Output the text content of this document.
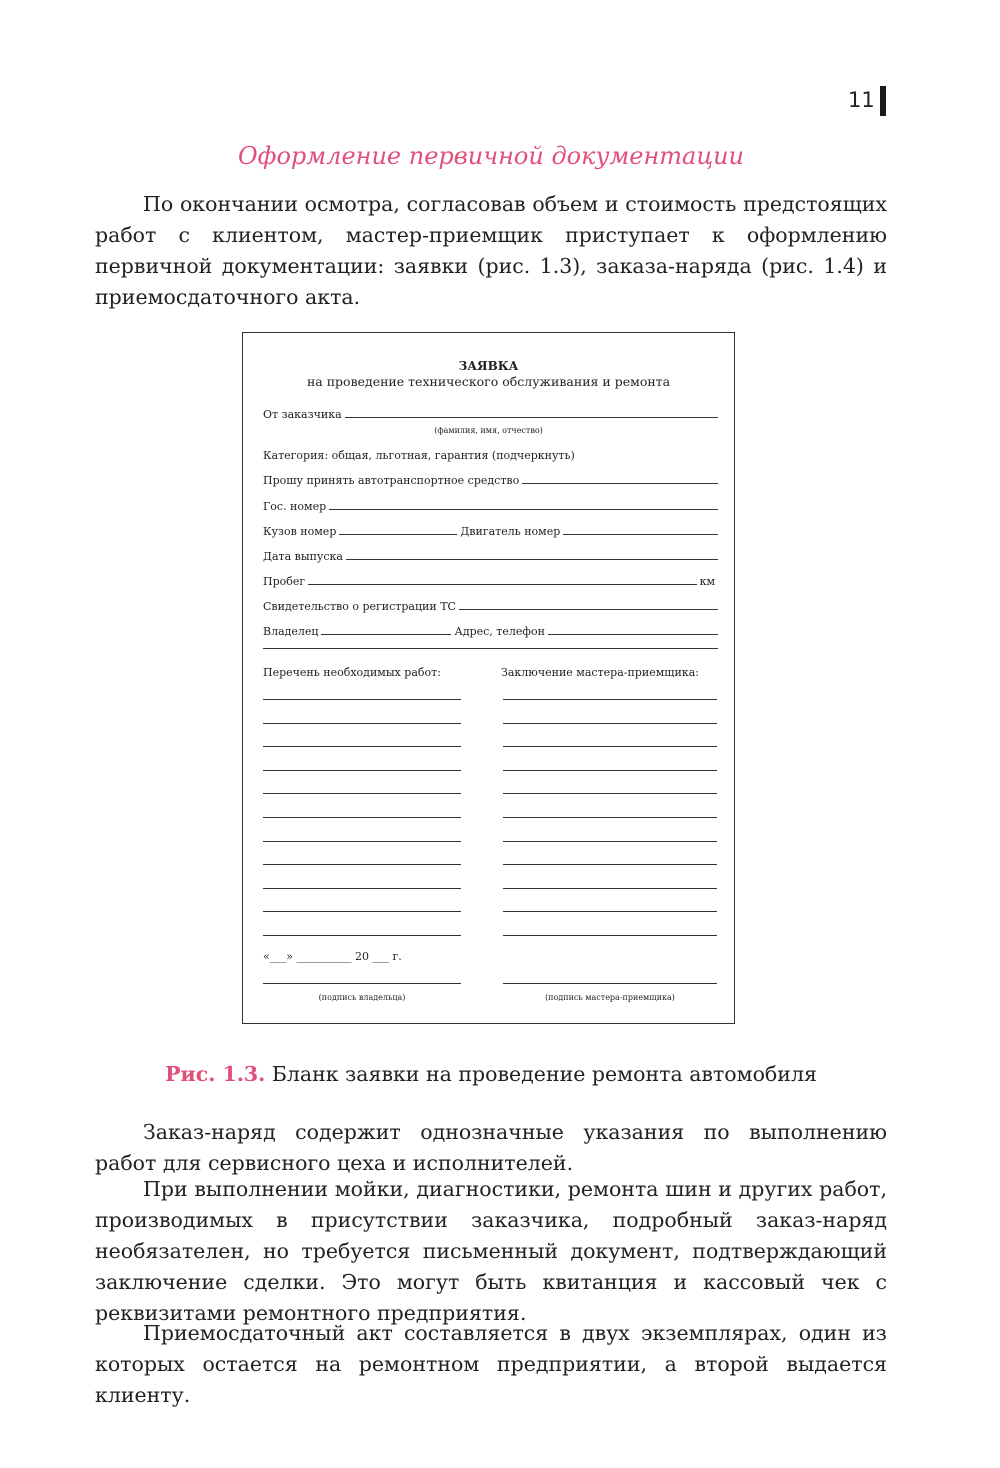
11
Оформление первичной документации

По окончании осмотра, согласовав объем и стоимость предстоящих работ с клиентом, мастер-приемщик приступает к оформлению первичной документации: заявки (рис. 1.3), заказа-наряда (рис. 1.4) и приемосдаточного акта.

ЗАЯВКА
на проведение технического обслуживания и ремонта
От заказчика
(фамилия, имя, отчество)
Категория: общая, льготная, гарантия (подчеркнуть)
Прошу принять автотранспортное средство
Гос. номер
Кузов номер	Двигатель номер
Дата выпуска
Пробег	км
Свидетельство о регистрации ТС
Владелец	Адрес, телефон
Перечень необходимых работ:	Заключение мастера-приемщика:
«___» __________ 20 ___ г.
(подпись владельца)	(подпись мастера-приемщика)
Рис. 1.3. Бланк заявки на проведение ремонта автомобиля

Заказ-наряд содержит однозначные указания по выполнению работ для сервисного цеха и исполнителей.

При выполнении мойки, диагностики, ремонта шин и других работ, производимых в присутствии заказчика, подробный заказ-наряд необязателен, но требуется письменный документ, подтверждающий заключение сделки. Это могут быть квитанция и кассовый чек с реквизитами ремонтного предприятия.

Приемосдаточный акт составляется в двух экземплярах, один из которых остается на ремонтном предприятии, а второй выдается клиенту.
